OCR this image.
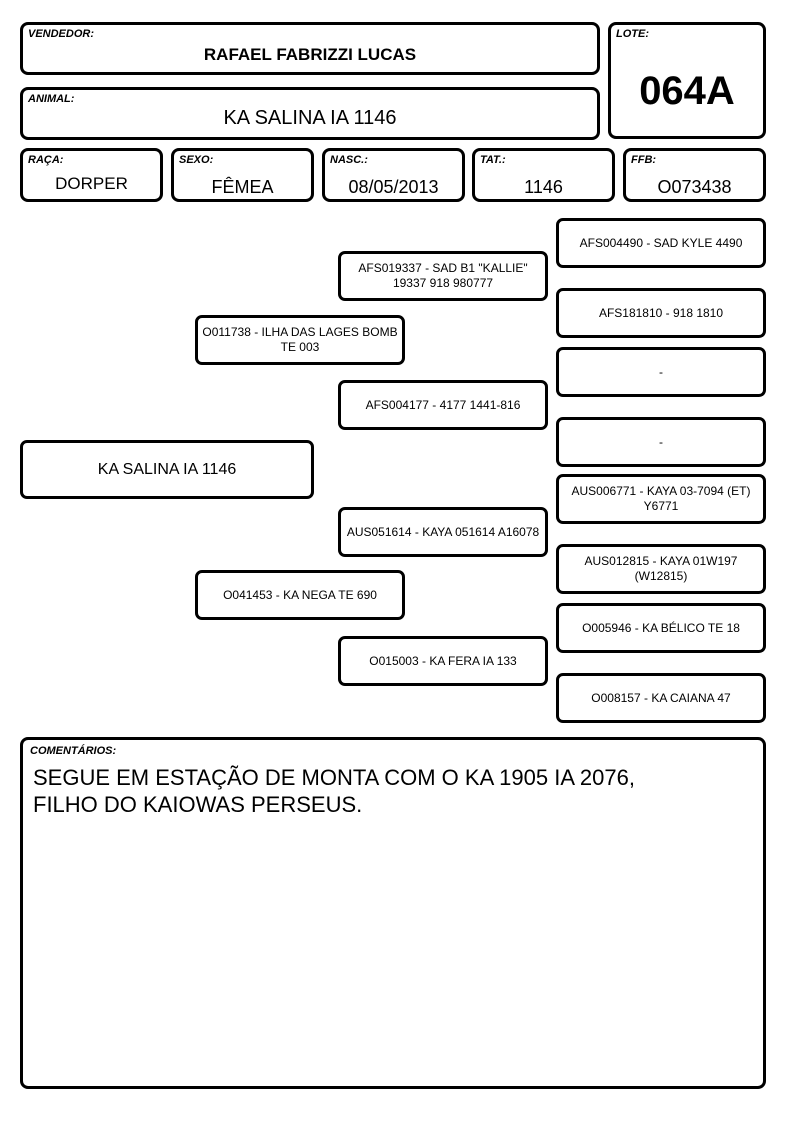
VENDEDOR:
RAFAEL FABRIZZI LUCAS
LOTE:
064A
ANIMAL:
KA SALINA IA 1146
RAÇA:
DORPER
SEXO:
FÊMEA
NASC.:
08/05/2013
TAT.:
1146
FFB:
O073438
KA SALINA IA 1146
O011738 - ILHA DAS LAGES BOMB TE 003
O041453 - KA NEGA TE 690
AFS019337 - SAD B1 "KALLIE" 19337 918 980777
AFS004177 - 4177 1441-816
AUS051614 - KAYA 051614 A16078
O015003 - KA FERA IA 133
AFS004490 - SAD KYLE 4490
AFS181810 - 918 1810
-
-
AUS006771 - KAYA 03-7094 (ET) Y6771
AUS012815 - KAYA 01W197 (W12815)
O005946 - KA BÉLICO TE 18
O008157 - KA CAIANA 47
COMENTÁRIOS:
SEGUE EM ESTAÇÃO DE MONTA COM O KA 1905 IA 2076,
FILHO DO KAIOWAS PERSEUS.
